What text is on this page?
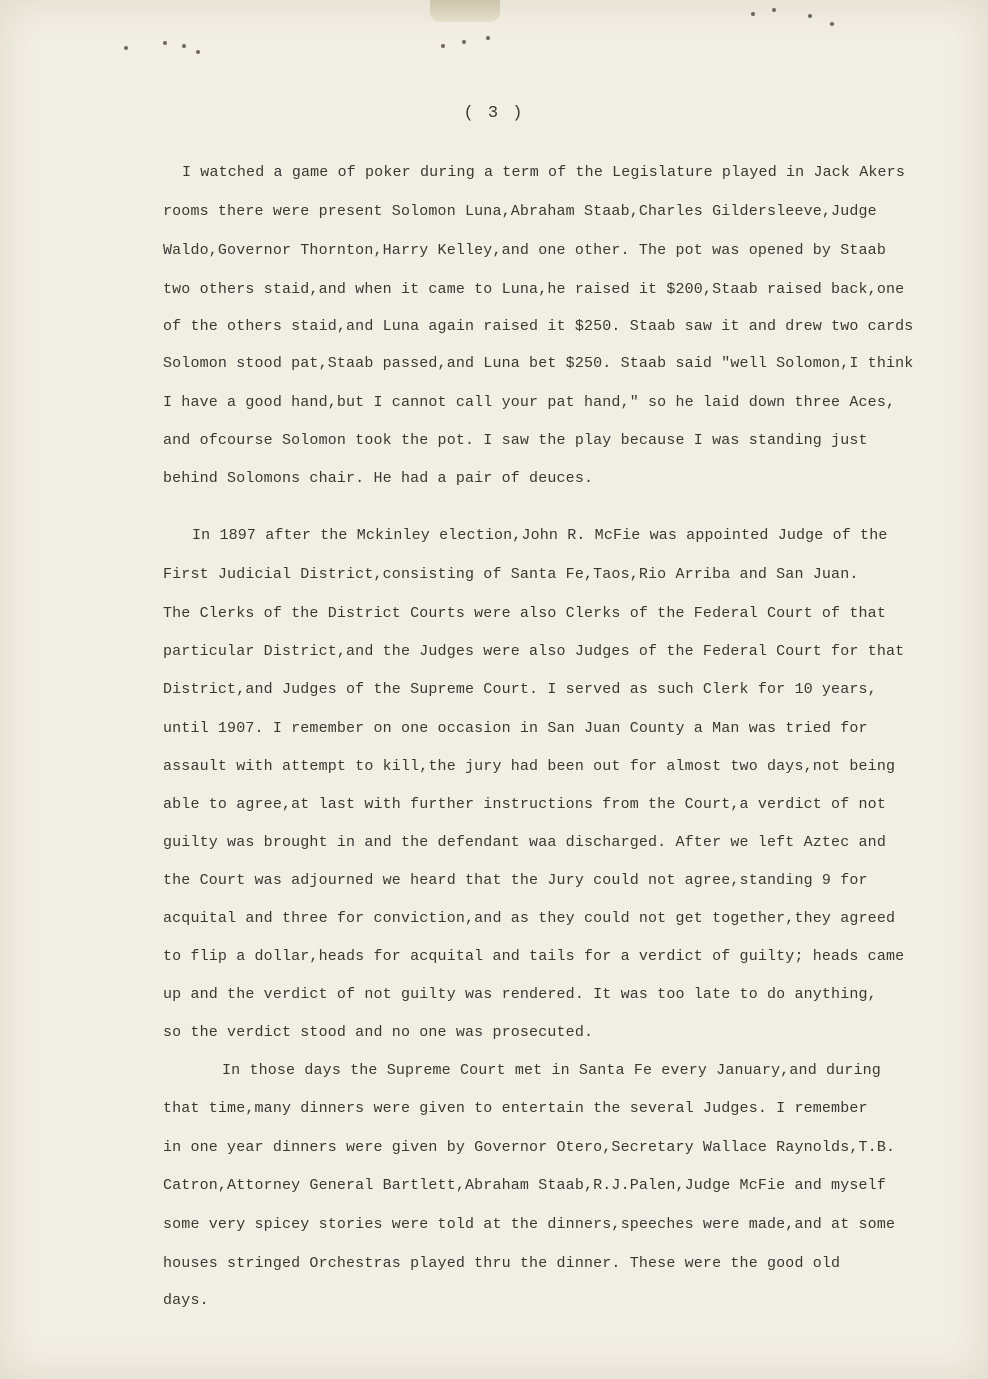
( 3 )
I watched a game of poker during a term of the Legislature played in Jack Akers
rooms there were present Solomon Luna,Abraham Staab,Charles Gildersleeve,Judge
Waldo,Governor Thornton,Harry Kelley,and one other. The pot was opened by Staab
two others staid,and when it came to Luna,he raised it $200,Staab raised back,one
of the others staid,and Luna again raised it $250. Staab saw it and drew two cards
Solomon stood pat,Staab passed,and Luna bet $250. Staab said "well Solomon,I think
I have a good hand,but I cannot call your pat hand," so he laid down three Aces,
and ofcourse Solomon took the pot. I saw the play because I was standing just
behind Solomons chair. He had a pair of deuces.
In 1897 after the Mckinley election,John R. McFie was appointed Judge of the
First Judicial District,consisting of Santa Fe,Taos,Rio Arriba and San Juan.
The Clerks of the District Courts were also Clerks of the Federal Court of that
particular District,and the Judges were also Judges of the Federal Court for that
District,and Judges of the Supreme Court. I served as such Clerk for 10 years,
until 1907. I remember on one occasion in San Juan County a Man was tried for
assault with attempt to kill,the jury had been out for almost two days,not being
able to agree,at last with further instructions from the Court,a verdict of not
guilty was brought in and the defendant waa discharged. After we left Aztec and
the Court was adjourned we heard that the Jury could not agree,standing 9 for
acquital and three for conviction,and as they could not get together,they agreed
to flip a dollar,heads for acquital and tails for a verdict of guilty; heads came
up and the verdict of not guilty was rendered. It was too late to do anything,
so the verdict stood and no one was prosecuted.
In those days the Supreme Court met in Santa Fe every January,and during
that time,many dinners were given to entertain the several Judges. I remember
in one year dinners were given by Governor Otero,Secretary Wallace Raynolds,T.B.
Catron,Attorney General Bartlett,Abraham Staab,R.J.Palen,Judge McFie and myself
some very spicey stories were told at the dinners,speeches were made,and at some
houses stringed Orchestras played thru the dinner. These were the good old
days.
